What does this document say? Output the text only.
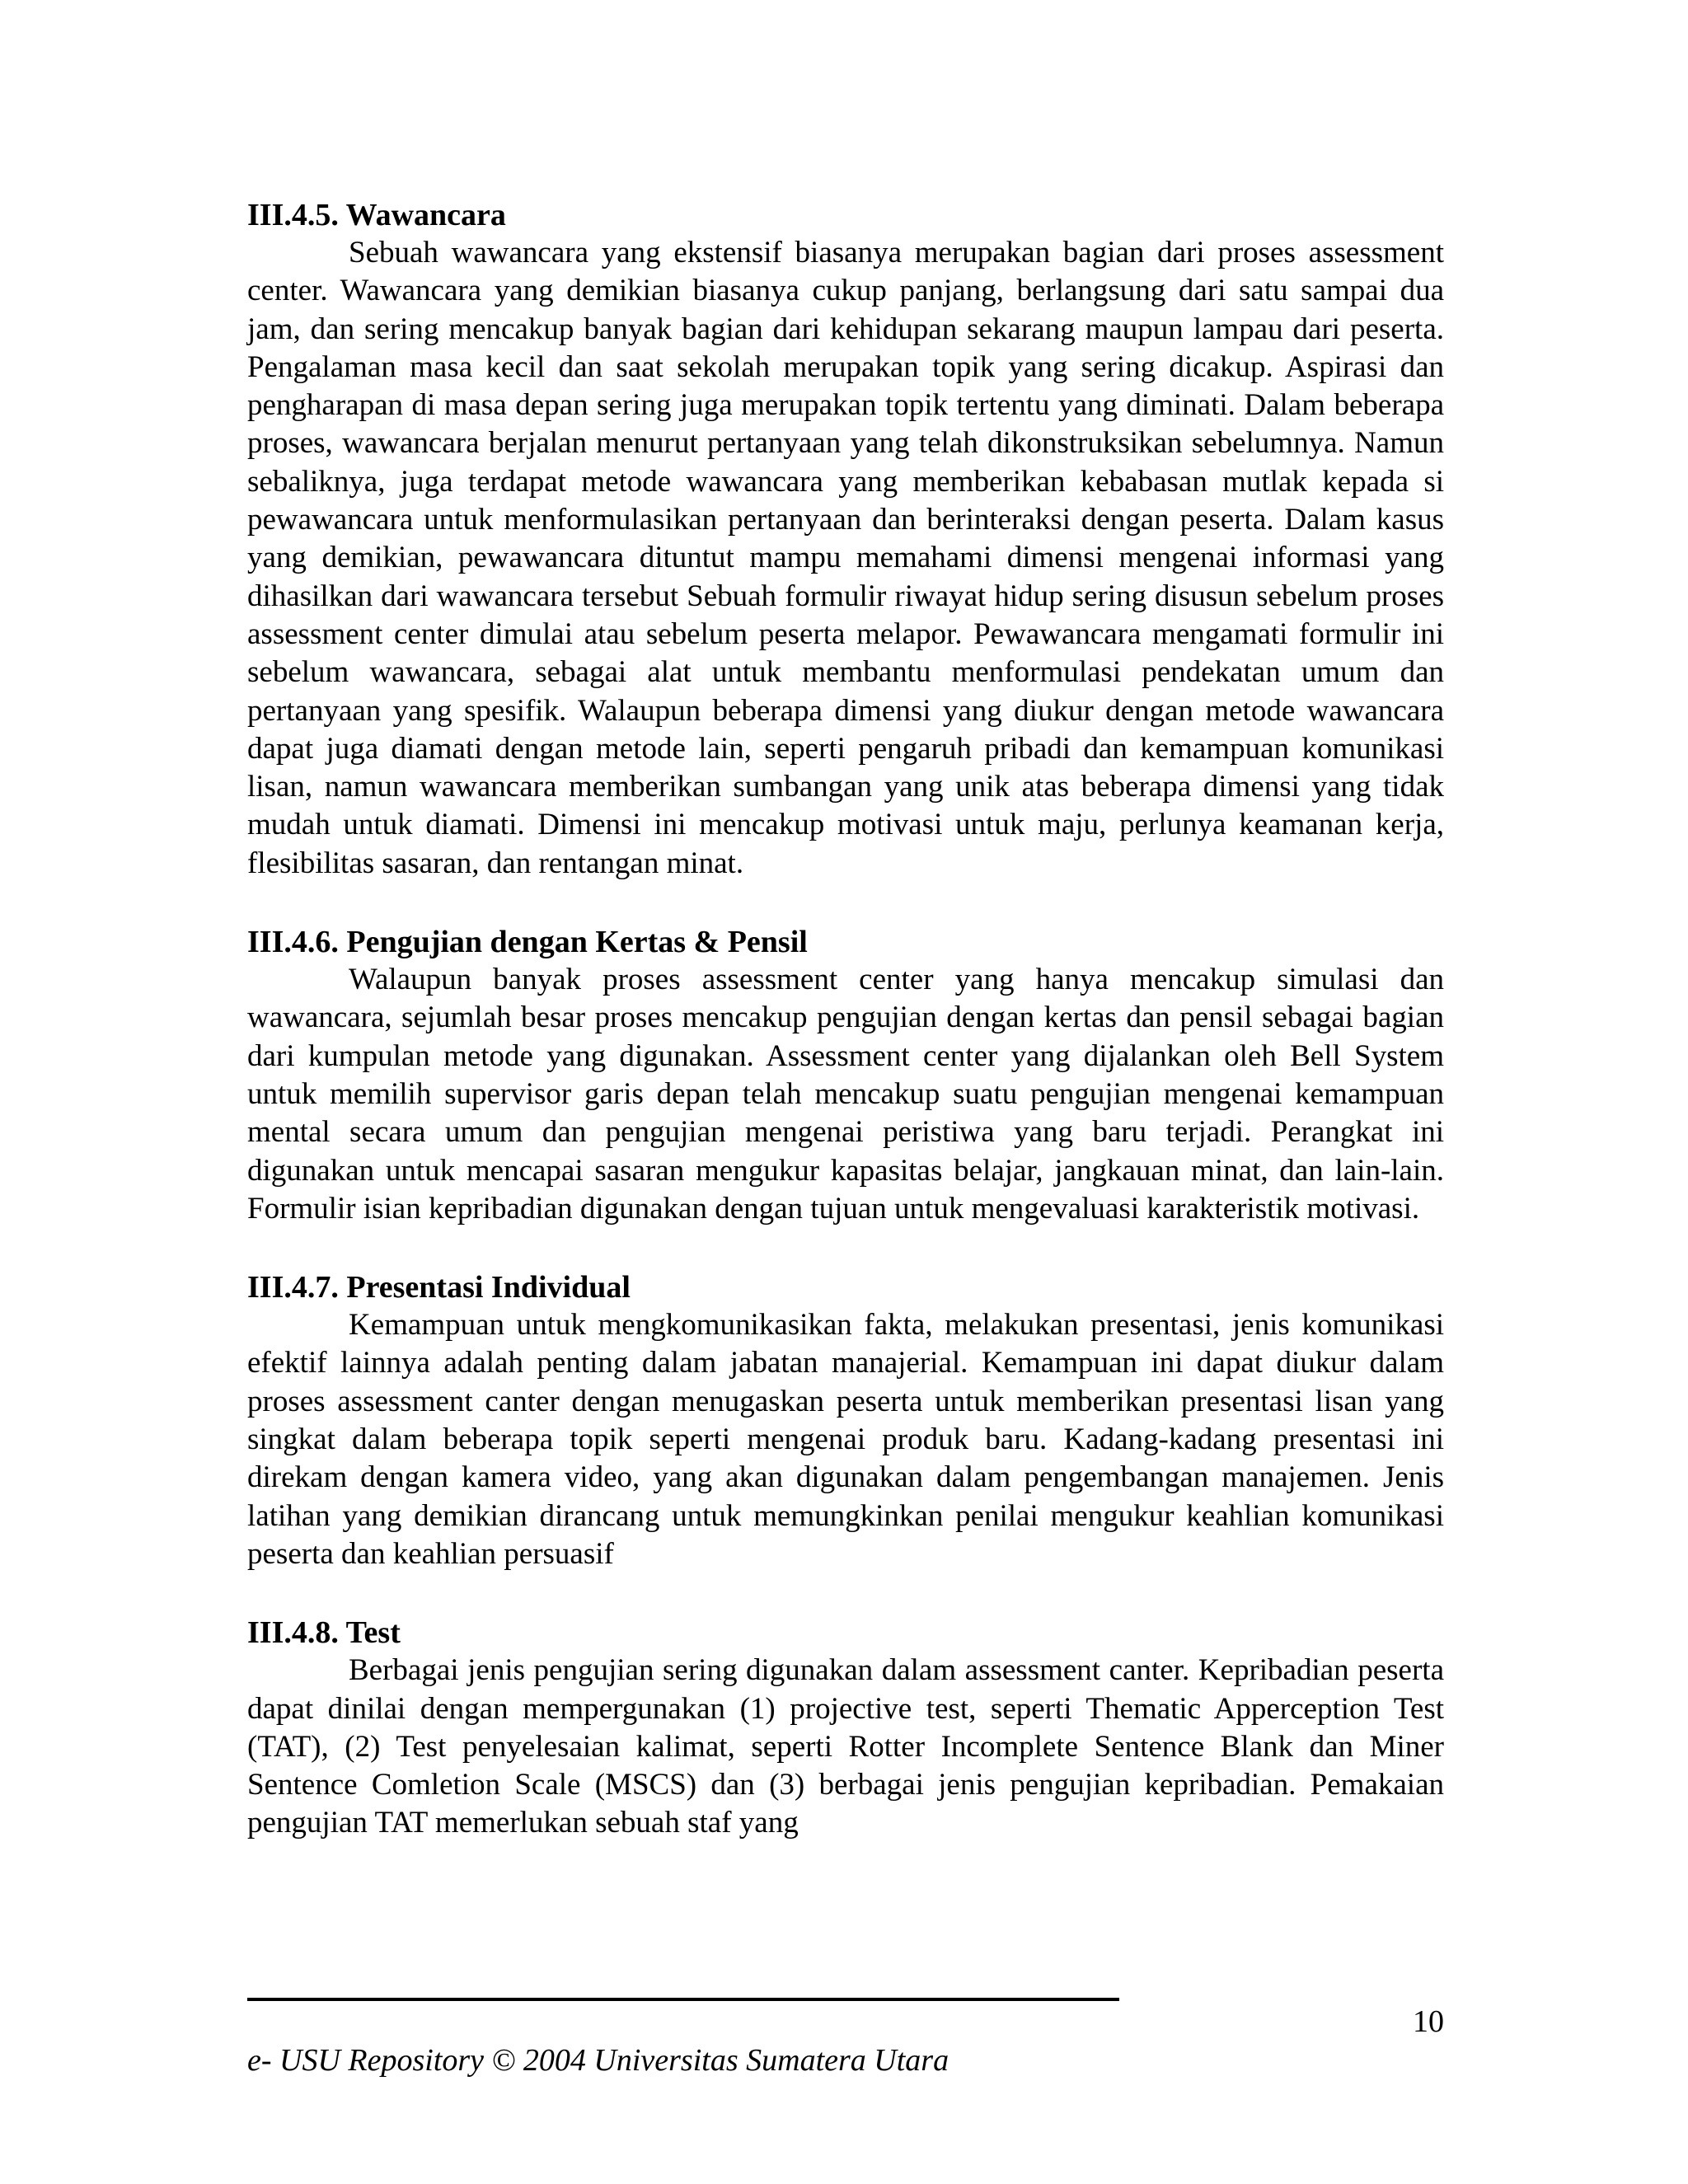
III.4.5. Wawancara

Sebuah wawancara yang ekstensif biasanya merupakan bagian dari proses assessment center. Wawancara yang demikian biasanya cukup panjang, berlangsung dari satu sampai dua jam, dan sering mencakup banyak bagian dari kehidupan sekarang maupun lampau dari peserta. Pengalaman masa kecil dan saat sekolah merupakan topik yang sering dicakup. Aspirasi dan pengharapan di masa depan sering juga merupakan topik tertentu yang diminati. Dalam beberapa proses, wawancara berjalan menurut pertanyaan yang telah dikonstruksikan sebelumnya. Namun sebaliknya, juga terdapat metode wawancara yang memberikan kebabasan mutlak kepada si pewawancara untuk menformulasikan pertanyaan dan berinteraksi dengan peserta. Dalam kasus yang demikian, pewawancara dituntut mampu memahami dimensi mengenai informasi yang dihasilkan dari wawancara tersebut Sebuah formulir riwayat hidup sering disusun sebelum proses assessment center dimulai atau sebelum peserta melapor. Pewawancara mengamati formulir ini sebelum wawancara, sebagai alat untuk membantu menformulasi pendekatan umum dan pertanyaan yang spesifik. Walaupun beberapa dimensi yang diukur dengan metode wawancara dapat juga diamati dengan metode lain, seperti pengaruh pribadi dan kemampuan komunikasi lisan, namun wawancara memberikan sumbangan yang unik atas beberapa dimensi yang tidak mudah untuk diamati. Dimensi ini mencakup motivasi untuk maju, perlunya keamanan kerja, flesibilitas sasaran, dan rentangan minat.

III.4.6. Pengujian dengan Kertas & Pensil

Walaupun banyak proses assessment center yang hanya mencakup simulasi dan wawancara, sejumlah besar proses mencakup pengujian dengan kertas dan pensil sebagai bagian dari kumpulan metode yang digunakan. Assessment center yang dijalankan oleh Bell System untuk memilih supervisor garis depan telah mencakup suatu pengujian mengenai kemampuan mental secara umum dan pengujian mengenai peristiwa yang baru terjadi. Perangkat ini digunakan untuk mencapai sasaran mengukur kapasitas belajar, jangkauan minat, dan lain-lain. Formulir isian kepribadian digunakan dengan tujuan untuk mengevaluasi karakteristik motivasi.

III.4.7. Presentasi Individual

Kemampuan untuk mengkomunikasikan fakta, melakukan presentasi, jenis komunikasi efektif lainnya adalah penting dalam jabatan manajerial. Kemampuan ini dapat diukur dalam proses assessment canter dengan menugaskan peserta untuk memberikan presentasi lisan yang singkat dalam beberapa topik seperti mengenai produk baru. Kadang-kadang presentasi ini direkam dengan kamera video, yang akan digunakan dalam pengembangan manajemen. Jenis latihan yang demikian dirancang untuk memungkinkan penilai mengukur keahlian komunikasi peserta dan keahlian persuasif

III.4.8. Test

Berbagai jenis pengujian sering digunakan dalam assessment canter. Kepribadian peserta dapat dinilai dengan mempergunakan (1) projective test, seperti Thematic Apperception Test (TAT), (2) Test penyelesaian kalimat, seperti Rotter Incomplete Sentence Blank dan Miner Sentence Comletion Scale (MSCS) dan (3) berbagai jenis pengujian kepribadian. Pemakaian pengujian TAT memerlukan sebuah staf yang

10
e- USU Repository © 2004 Universitas Sumatera Utara
